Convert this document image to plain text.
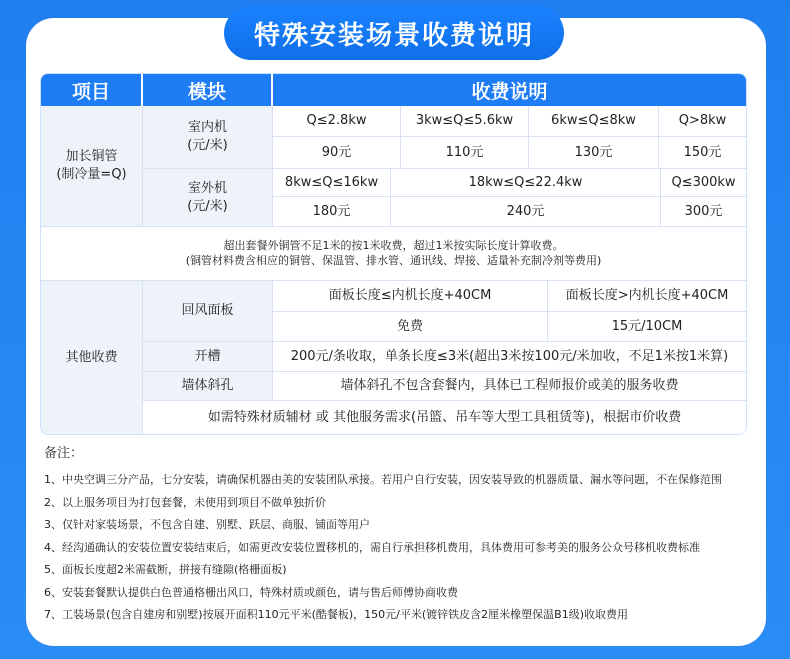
特殊安装场景收费说明
项目	模块	收费说明
加长铜管
(制冷量=Q)
室内机
(元/米)
Q≤2.8kw	3kw≤Q≤5.6kw	6kw≤Q≤8kw	Q>8kw
90元	110元	130元	150元
室外机
(元/米)
8kw≤Q≤16kw	18kw≤Q≤22.4kw	Q≤300kw
180元	240元	300元
超出套餐外铜管不足1米的按1米收费，超过1米按实际长度计算收费。
(铜管材料费含相应的铜管、保温管、排水管、通讯线、焊接、适量补充制冷剂等费用)
其他收费
回风面板
面板长度≤内机长度+40CM	面板长度>内机长度+40CM
免费	15元/10CM
开槽	200元/条收取，单条长度≤3米(超出3米按100元/米加收，不足1米按1米算)
墙体斜孔	墙体斜孔不包含套餐内，具体已工程师报价或美的服务收费
如需特殊材质辅材 或 其他服务需求(吊篮、吊车等大型工具租赁等)，根据市价收费
备注：
1、中央空调三分产品，七分安装，请确保机器由美的安装团队承接。若用户自行安装，因安装导致的机器质量、漏水等问题，不在保修范围
2、以上服务项目为打包套餐，未使用到项目不做单独折价
3、仅针对家装场景，不包含自建、别墅、跃层、商服、铺面等用户
4、经沟通确认的安装位置安装结束后，如需更改安装位置移机的，需自行承担移机费用，具体费用可参考美的服务公众号移机收费标准
5、面板长度超2米需截断，拼接有缝隙(格栅面板)
6、安装套餐默认提供白色普通格栅出风口，特殊材质或颜色，请与售后师傅协商收费
7、工装场景(包含自建房和别墅)按展开面积110元平米(酷餐板)，150元/平米(镀锌铁皮含2厘米橡塑保温B1级)收取费用
